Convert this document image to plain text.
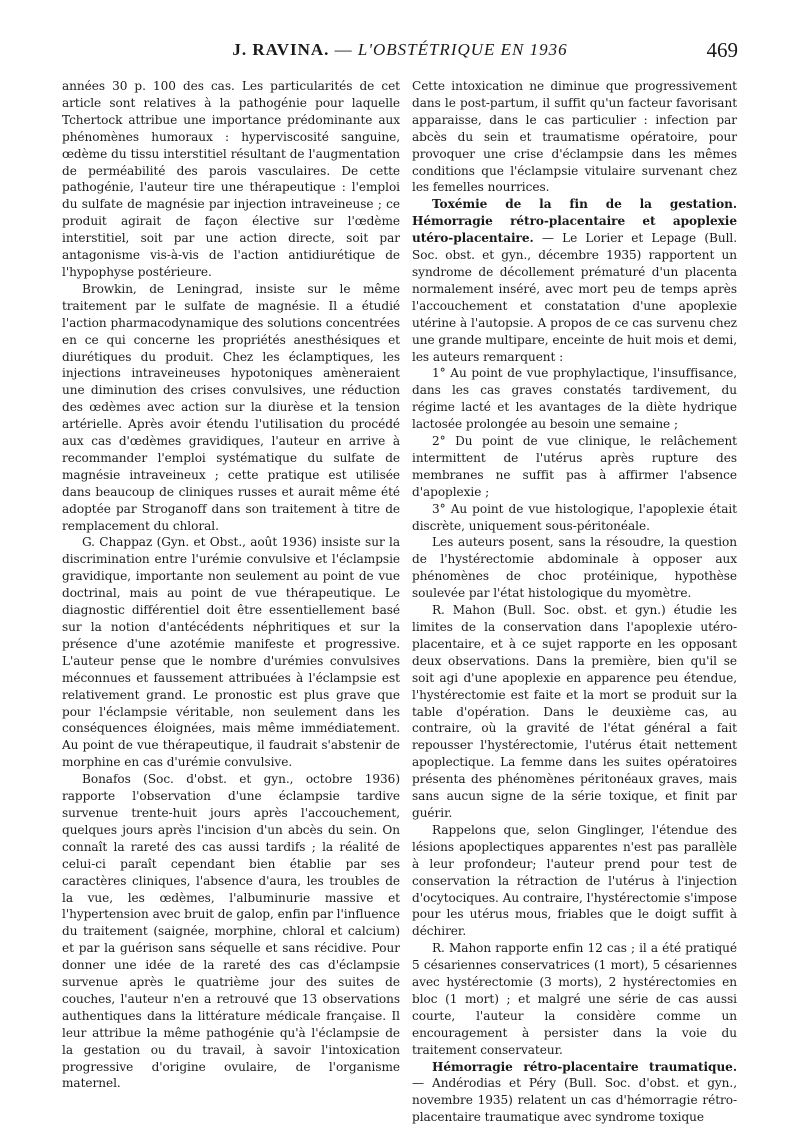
J. RAVINA. — L'OBSTÉTRIQUE EN 1936	469

années 30 p. 100 des cas. Les particularités de cet article sont relatives à la pathogénie pour laquelle Tchertock attribue une importance prédominante aux phénomènes humoraux : hyperviscosité sanguine, œdème du tissu interstitiel résultant de l'augmentation de perméabilité des parois vasculaires. De cette pathogénie, l'auteur tire une thérapeutique : l'emploi du sulfate de magnésie par injection intraveineuse ; ce produit agirait de façon élective sur l'œdème interstitiel, soit par une action directe, soit par antagonisme vis-à-vis de l'action antidiurétique de l'hypophyse postérieure.

Browkin, de Leningrad, insiste sur le même traitement par le sulfate de magnésie. Il a étudié l'action pharmacodynamique des solutions concentrées en ce qui concerne les propriétés anesthésiques et diurétiques du produit. Chez les éclamptiques, les injections intraveineuses hypotoniques amèneraient une diminution des crises convulsives, une réduction des œdèmes avec action sur la diurèse et la tension artérielle. Après avoir étendu l'utilisation du procédé aux cas d'œdèmes gravidiques, l'auteur en arrive à recommander l'emploi systématique du sulfate de magnésie intraveineux ; cette pratique est utilisée dans beaucoup de cliniques russes et aurait même été adoptée par Stroganoff dans son traitement à titre de remplacement du chloral.

G. Chappaz (Gyn. et Obst., août 1936) insiste sur la discrimination entre l'urémie convulsive et l'éclampsie gravidique, importante non seulement au point de vue doctrinal, mais au point de vue thérapeutique. Le diagnostic différentiel doit être essentiellement basé sur la notion d'antécédents néphritiques et sur la présence d'une azotémie manifeste et progressive. L'auteur pense que le nombre d'urémies convulsives méconnues et faussement attribuées à l'éclampsie est relativement grand. Le pronostic est plus grave que pour l'éclampsie véritable, non seulement dans les conséquences éloignées, mais même immédiatement. Au point de vue thérapeutique, il faudrait s'abstenir de morphine en cas d'urémie convulsive.

Bonafos (Soc. d'obst. et gyn., octobre 1936) rapporte l'observation d'une éclampsie tardive survenue trente-huit jours après l'accouchement, quelques jours après l'incision d'un abcès du sein. On connaît la rareté des cas aussi tardifs ; la réalité de celui-ci paraît cependant bien établie par ses caractères cliniques, l'absence d'aura, les troubles de la vue, les œdèmes, l'albuminurie massive et l'hypertension avec bruit de galop, enfin par l'influence du traitement (saignée, morphine, chloral et calcium) et par la guérison sans séquelle et sans récidive. Pour donner une idée de la rareté des cas d'éclampsie survenue après le quatrième jour des suites de couches, l'auteur n'en a retrouvé que 13 observations authentiques dans la littérature médicale française. Il leur attribue la même pathogénie qu'à l'éclampsie de la gestation ou du travail, à savoir l'intoxication progressive d'origine ovulaire, de l'organisme maternel.

Cette intoxication ne diminue que progressivement dans le post-partum, il suffit qu'un facteur favorisant apparaisse, dans le cas particulier : infection par abcès du sein et traumatisme opératoire, pour provoquer une crise d'éclampsie dans les mêmes conditions que l'éclampsie vitulaire survenant chez les femelles nourrices.

Toxémie de la fin de la gestation. Hémorragie rétro-placentaire et apoplexie utéro-placentaire. — Le Lorier et Lepage (Bull. Soc. obst. et gyn., décembre 1935) rapportent un syndrome de décollement prématuré d'un placenta normalement inséré, avec mort peu de temps après l'accouchement et constatation d'une apoplexie utérine à l'autopsie. A propos de ce cas survenu chez une grande multipare, enceinte de huit mois et demi, les auteurs remarquent :

1° Au point de vue prophylactique, l'insuffisance, dans les cas graves constatés tardivement, du régime lacté et les avantages de la diète hydrique lactosée prolongée au besoin une semaine ;

2° Du point de vue clinique, le relâchement intermittent de l'utérus après rupture des membranes ne suffit pas à affirmer l'absence d'apoplexie ;

3° Au point de vue histologique, l'apoplexie était discrète, uniquement sous-péritonéale.

Les auteurs posent, sans la résoudre, la question de l'hystérectomie abdominale à opposer aux phénomènes de choc protéinique, hypothèse soulevée par l'état histologique du myomètre.

R. Mahon (Bull. Soc. obst. et gyn.) étudie les limites de la conservation dans l'apoplexie utéro-placentaire, et à ce sujet rapporte en les opposant deux observations. Dans la première, bien qu'il se soit agi d'une apoplexie en apparence peu étendue, l'hystérectomie est faite et la mort se produit sur la table d'opération. Dans le deuxième cas, au contraire, où la gravité de l'état général a fait repousser l'hystérectomie, l'utérus était nettement apoplectique. La femme dans les suites opératoires présenta des phénomènes péritonéaux graves, mais sans aucun signe de la série toxique, et finit par guérir.

Rappelons que, selon Ginglinger, l'étendue des lésions apoplectiques apparentes n'est pas parallèle à leur profondeur; l'auteur prend pour test de conservation la rétraction de l'utérus à l'injection d'ocytociques. Au contraire, l'hystérectomie s'impose pour les utérus mous, friables que le doigt suffit à déchirer.

R. Mahon rapporte enfin 12 cas ; il a été pratiqué 5 césariennes conservatrices (1 mort), 5 césariennes avec hystérectomie (3 morts), 2 hystérectomies en bloc (1 mort) ; et malgré une série de cas aussi courte, l'auteur la considère comme un encouragement à persister dans la voie du traitement conservateur.

Hémorragie rétro-placentaire traumatique. — Andérodias et Péry (Bull. Soc. d'obst. et gyn., novembre 1935) relatent un cas d'hémorragie rétro-placentaire traumatique avec syndrome toxique
